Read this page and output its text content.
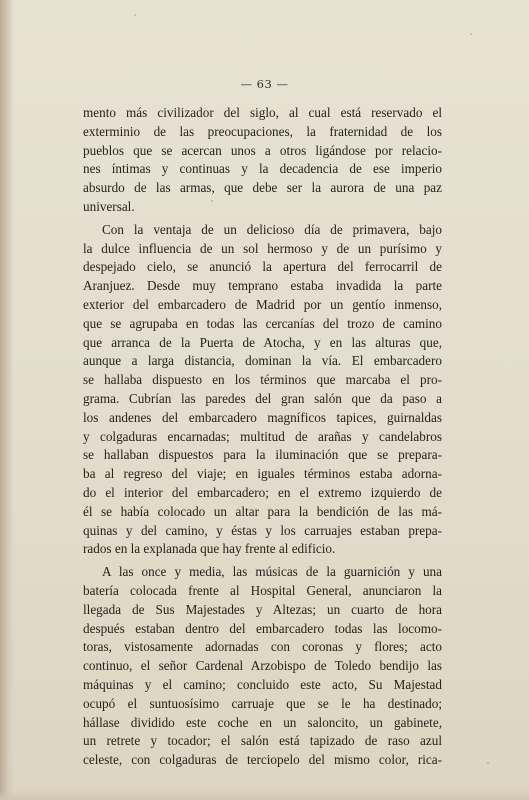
— 63 —
mento más civilizador del siglo, al cual está reservado el
exterminio de las preocupaciones, la fraternidad de los
pueblos que se acercan unos a otros ligándose por relacio-
nes íntimas y continuas y la decadencia de ese imperio
absurdo de las armas, que debe ser la aurora de una paz
universal.
Con la ventaja de un delicioso día de primavera, bajo
la dulce influencia de un sol hermoso y de un purísimo y
despejado cielo, se anunció la apertura del ferrocarril de
Aranjuez. Desde muy temprano estaba invadida la parte
exterior del embarcadero de Madrid por un gentío inmenso,
que se agrupaba en todas las cercanías del trozo de camino
que arranca de la Puerta de Atocha, y en las alturas que,
aunque a larga distancia, dominan la vía. El embarcadero
se hallaba dispuesto en los términos que marcaba el pro-
grama. Cubrían las paredes del gran salón que da paso a
los andenes del embarcadero magníficos tapices, guirnaldas
y colgaduras encarnadas; multitud de arañas y candelabros
se hallaban dispuestos para la iluminación que se prepara-
ba al regreso del viaje; en iguales términos estaba adorna-
do el interior del embarcadero; en el extremo izquierdo de
él se había colocado un altar para la bendición de las má-
quinas y del camino, y éstas y los carruajes estaban prepa-
rados en la explanada que hay frente al edificio.
A las once y media, las músicas de la guarnición y una
batería colocada frente al Hospital General, anunciaron la
llegada de Sus Majestades y Altezas; un cuarto de hora
después estaban dentro del embarcadero todas las locomo-
toras, vistosamente adornadas con coronas y flores; acto
continuo, el señor Cardenal Arzobispo de Toledo bendijo las
máquinas y el camino; concluido este acto, Su Majestad
ocupó el suntuosísimo carruaje que se le ha destinado;
hállase dividido este coche en un saloncito, un gabinete,
un retrete y tocador; el salón está tapizado de raso azul
celeste, con colgaduras de terciopelo del mismo color, rica-
